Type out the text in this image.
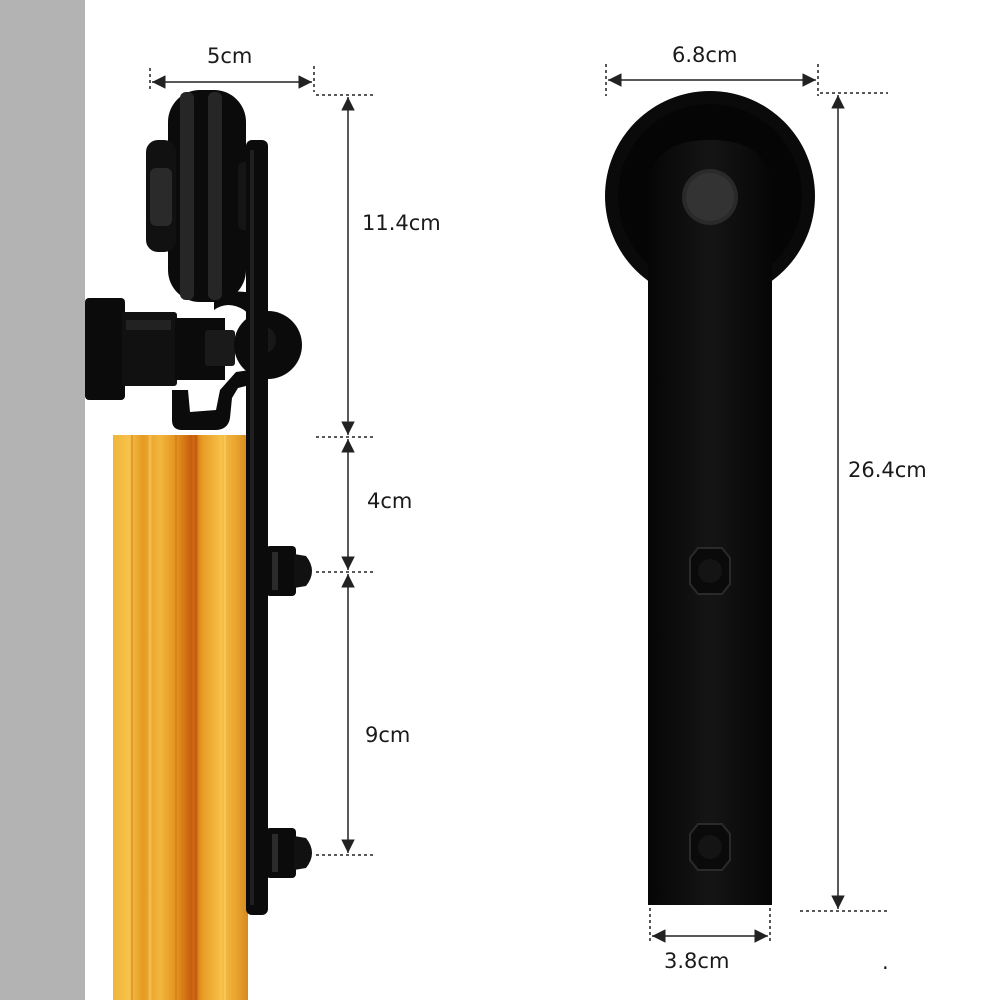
5cm
11.4cm
4cm
9cm
6.8cm
26.4cm
3.8cm	.
